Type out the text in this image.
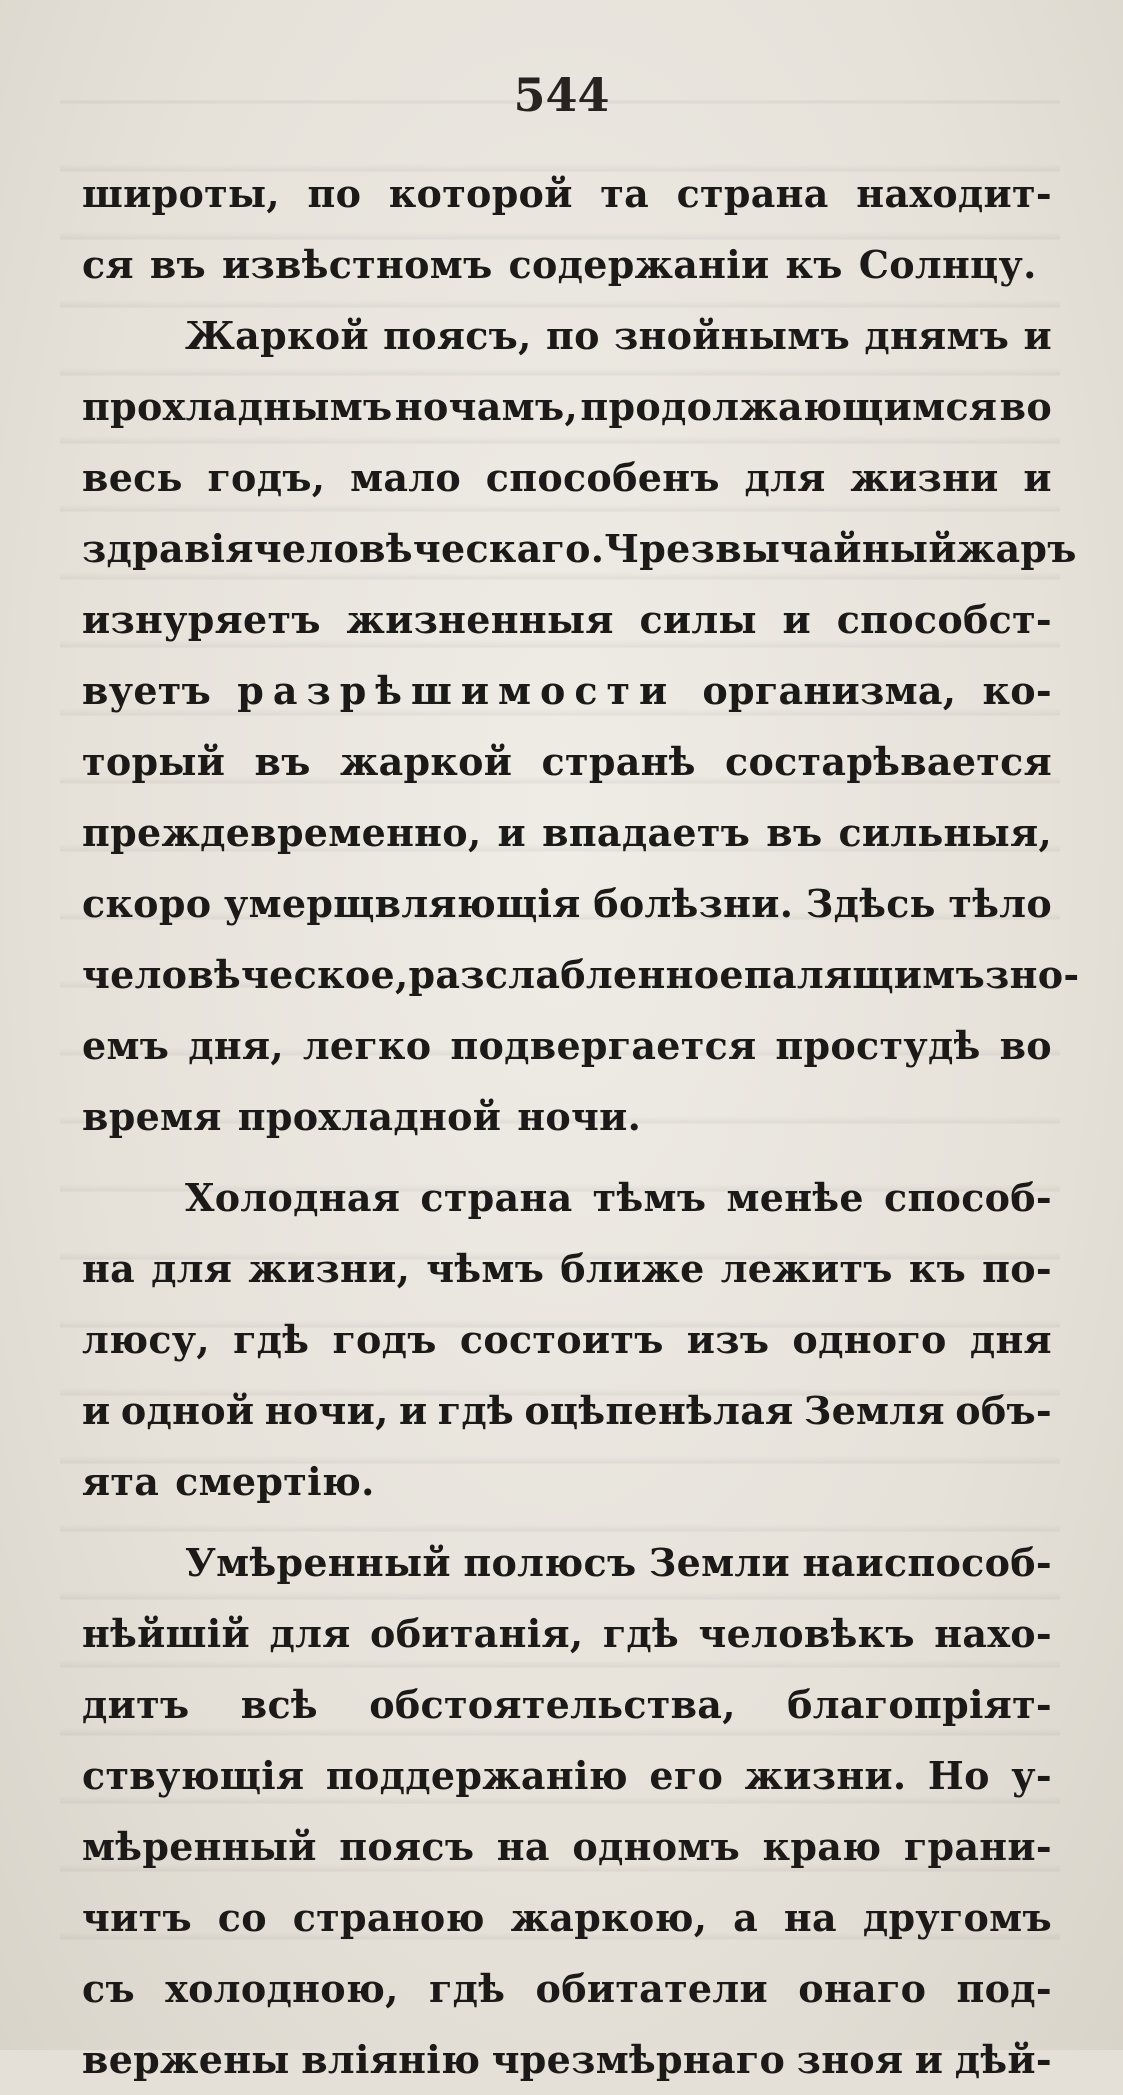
544
широты, по которой та страна находит-
ся въ извѣстномъ содержаніи къ Солнцу.
Жаркой поясъ, по знойнымъ днямъ и
прохладнымъ ночамъ, продолжающимся во
весь годъ, мало способенъ для жизни и
здравія человѣческаго. Чрезвычайный жаръ
изнуряетъ жизненныя силы и способст-
вуетъ разрѣшимости организма, ко-
торый въ жаркой странѣ состарѣвается
преждевременно, и впадаетъ въ сильныя,
скоро умерщвляющія болѣзни. Здѣсь тѣло
человѣческое, разслабленное палящимъ зно-
емъ дня, легко подвергается простудѣ во
время прохладной ночи.
Холодная страна тѣмъ менѣе способ-
на для жизни, чѣмъ ближе лежитъ къ по-
люсу, гдѣ годъ состоитъ изъ одного дня
и одной ночи, и гдѣ оцѣпенѣлая Земля объ-
ята смертію.
Умѣренный полюсъ Земли наиспособ-
нѣйшій для обитанія, гдѣ человѣкъ нахо-
дитъ всѣ обстоятельства, благопріят-
ствующія поддержанію его жизни. Но у-
мѣренный поясъ на одномъ краю грани-
читъ со страною жаркою, а на другомъ
съ холодною, гдѣ обитатели онаго под-
вержены вліянію чрезмѣрнаго зноя и дѣй-
